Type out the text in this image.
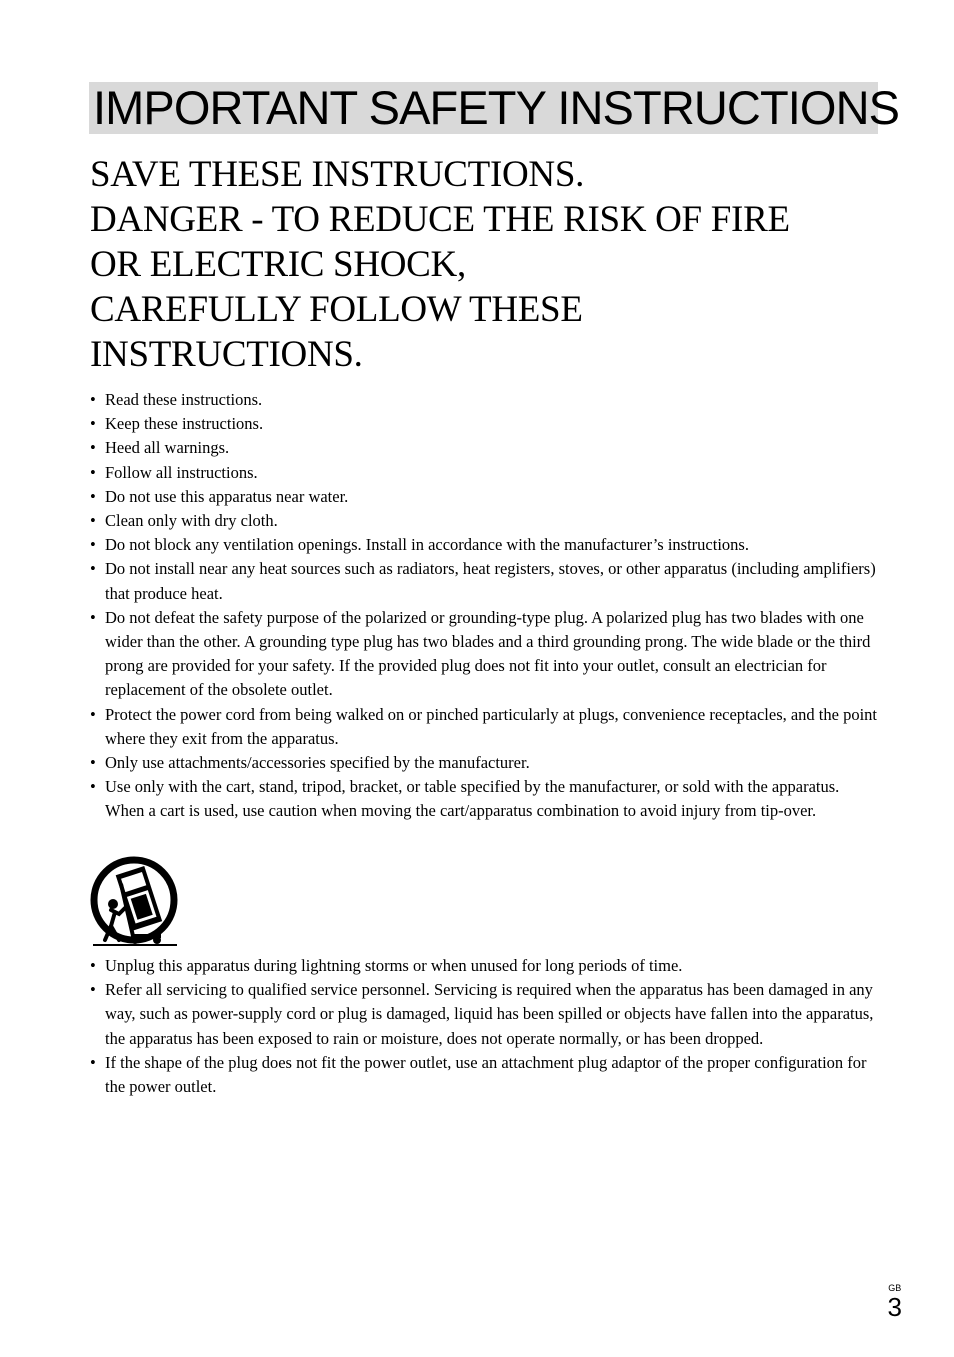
IMPORTANT SAFETY INSTRUCTIONS
SAVE THESE INSTRUCTIONS.
DANGER - TO REDUCE THE RISK OF FIRE
OR ELECTRIC SHOCK,
CAREFULLY FOLLOW THESE
INSTRUCTIONS.
• Read these instructions.
• Keep these instructions.
• Heed all warnings.
• Follow all instructions.
• Do not use this apparatus near water.
• Clean only with dry cloth.
• Do not block any ventilation openings. Install in accordance with the manufacturer’s instructions.
• Do not install near any heat sources such as radiators, heat registers, stoves, or other apparatus (including amplifiers) that produce heat.
• Do not defeat the safety purpose of the polarized or grounding-type plug. A polarized plug has two blades with one wider than the other. A grounding type plug has two blades and a third grounding prong. The wide blade or the third prong are provided for your safety. If the provided plug does not fit into your outlet, consult an electrician for replacement of the obsolete outlet.
• Protect the power cord from being walked on or pinched particularly at plugs, convenience receptacles, and the point where they exit from the apparatus.
• Only use attachments/accessories specified by the manufacturer.
• Use only with the cart, stand, tripod, bracket, or table specified by the manufacturer, or sold with the apparatus. When a cart is used, use caution when moving the cart/apparatus combination to avoid injury from tip-over.
• Unplug this apparatus during lightning storms or when unused for long periods of time.
• Refer all servicing to qualified service personnel. Servicing is required when the apparatus has been damaged in any way, such as power-supply cord or plug is damaged, liquid has been spilled or objects have fallen into the apparatus, the apparatus has been exposed to rain or moisture, does not operate normally, or has been dropped.
• If the shape of the plug does not fit the power outlet, use an attachment plug adaptor of the proper configuration for the power outlet.
GB
3
